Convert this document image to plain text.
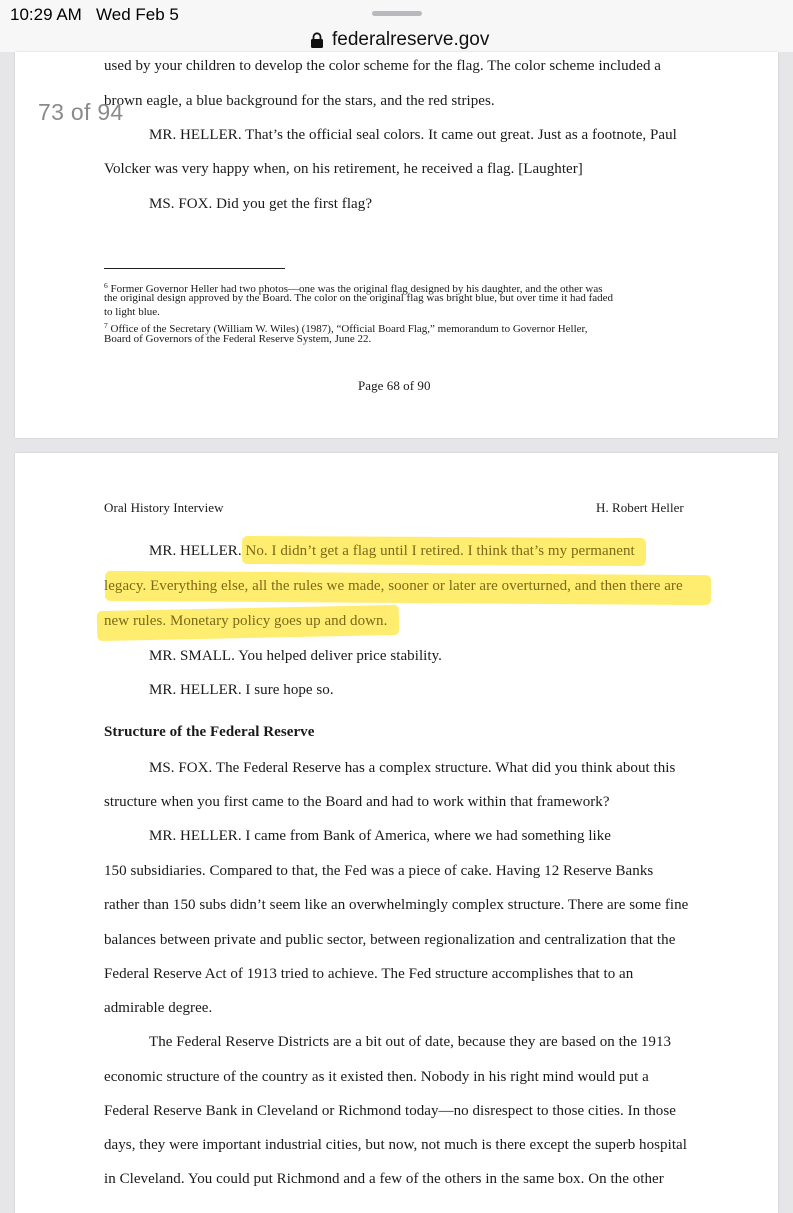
10:29 AM Wed Feb 5
federalreserve.gov
used by your children to develop the color scheme for the flag. The color scheme included a
brown eagle, a blue background for the stars, and the red stripes.
MR. HELLER. That’s the official seal colors. It came out great. Just as a footnote, Paul
Volcker was very happy when, on his retirement, he received a flag. [Laughter]
MS. FOX. Did you get the first flag?
$^6$ Former Governor Heller had two photos—one was the original flag designed by his daughter, and the other was
the original design approved by the Board. The color on the original flag was bright blue, but over time it had faded
to light blue.
$^7$ Office of the Secretary (William W. Wiles) (1987), “Official Board Flag,” memorandum to Governor Heller,
Board of Governors of the Federal Reserve System, June 22.
Page 68 of 90
73 of 94
Oral History Interview	H. Robert Heller
MR. HELLER. No. I didn’t get a flag until I retired. I think that’s my permanent
legacy. Everything else, all the rules we made, sooner or later are overturned, and then there are
new rules. Monetary policy goes up and down.
MR. SMALL. You helped deliver price stability.
MR. HELLER. I sure hope so.
Structure of the Federal Reserve
MS. FOX. The Federal Reserve has a complex structure. What did you think about this
structure when you first came to the Board and had to work within that framework?
MR. HELLER. I came from Bank of America, where we had something like
150 subsidiaries. Compared to that, the Fed was a piece of cake. Having 12 Reserve Banks
rather than 150 subs didn’t seem like an overwhelmingly complex structure. There are some fine
balances between private and public sector, between regionalization and centralization that the
Federal Reserve Act of 1913 tried to achieve. The Fed structure accomplishes that to an
admirable degree.
The Federal Reserve Districts are a bit out of date, because they are based on the 1913
economic structure of the country as it existed then. Nobody in his right mind would put a
Federal Reserve Bank in Cleveland or Richmond today—no disrespect to those cities. In those
days, they were important industrial cities, but now, not much is there except the superb hospital
in Cleveland. You could put Richmond and a few of the others in the same box. On the other
